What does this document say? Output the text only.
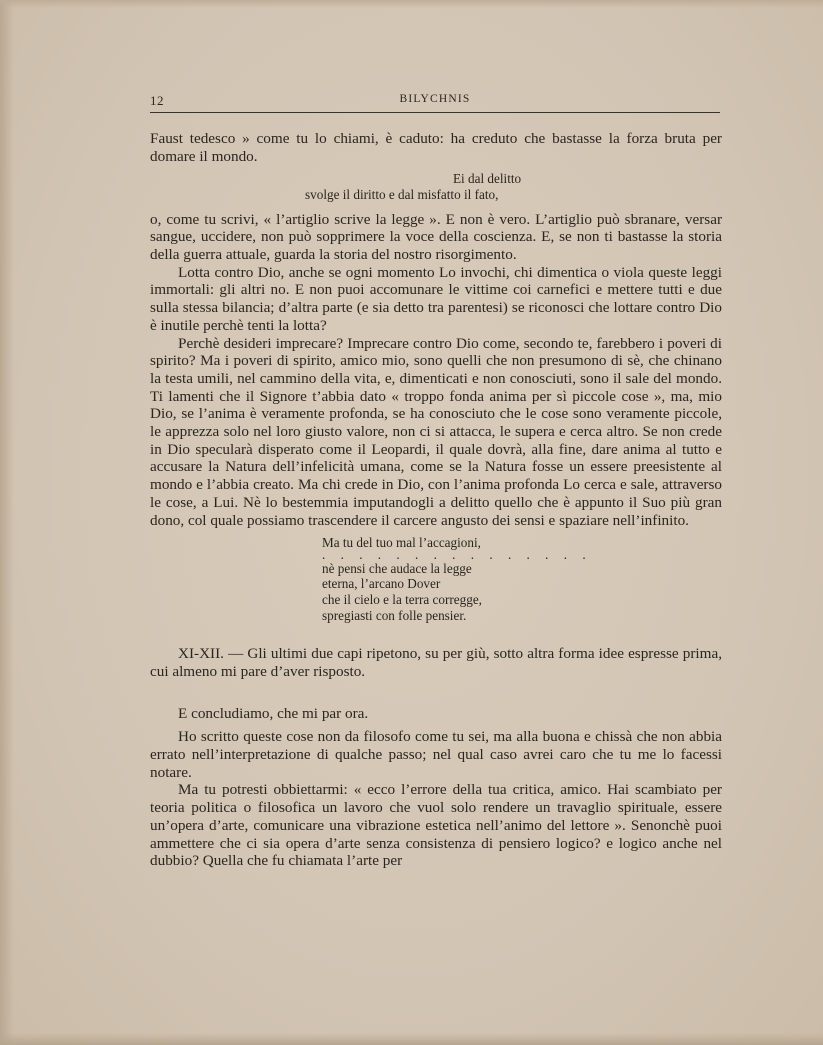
12	BILYCHNIS

Faust tedesco » come tu lo chiami, è caduto: ha creduto che bastasse la forza bruta per domare il mondo.

Ei dal delitto
svolge il diritto e dal misfatto il fato,

o, come tu scrivi, « l’artiglio scrive la legge ». E non è vero. L’artiglio può sbranare, versar sangue, uccidere, non può sopprimere la voce della coscienza. E, se non ti bastasse la storia della guerra attuale, guarda la storia del nostro risorgimento.

Lotta contro Dio, anche se ogni momento Lo invochi, chi dimentica o viola queste leggi immortali: gli altri no. E non puoi accomunare le vittime coi carnefici e mettere tutti e due sulla stessa bilancia; d’altra parte (e sia detto tra parentesi) se riconosci che lottare contro Dio è inutile perchè tenti la lotta?

Perchè desideri imprecare? Imprecare contro Dio come, secondo te, farebbero i poveri di spirito? Ma i poveri di spirito, amico mio, sono quelli che non presumono di sè, che chinano la testa umili, nel cammino della vita, e, dimenticati e non conosciuti, sono il sale del mondo. Ti lamenti che il Signore t’abbia dato « troppo fonda anima per sì piccole cose », ma, mio Dio, se l’anima è veramente profonda, se ha conosciuto che le cose sono veramente piccole, le apprezza solo nel loro giusto valore, non ci si attacca, le supera e cerca altro. Se non crede in Dio specularà disperato come il Leopardi, il quale dovrà, alla fine, dare anima al tutto e accusare la Natura dell’infelicità umana, come se la Natura fosse un essere preesistente al mondo e l’abbia creato. Ma chi crede in Dio, con l’anima profonda Lo cerca e sale, attraverso le cose, a Lui. Nè lo bestemmia imputandogli a delitto quello che è appunto il Suo più gran dono, col quale possiamo trascendere il carcere angusto dei sensi e spaziare nell’infinito.

Ma tu del tuo mal l’accagioni,
. . . . . . . . . . . . . . .
nè pensi che audace la legge
eterna, l’arcano Dover
che il cielo e la terra corregge,
spregiasti con folle pensier.

XI-XII. — Gli ultimi due capi ripetono, su per giù, sotto altra forma idee espresse prima, cui almeno mi pare d’aver risposto.

E concludiamo, che mi par ora.

Ho scritto queste cose non da filosofo come tu sei, ma alla buona e chissà che non abbia errato nell’interpretazione di qualche passo; nel qual caso avrei caro che tu me lo facessi notare.

Ma tu potresti obbiettarmi: « ecco l’errore della tua critica, amico. Hai scambiato per teoria politica o filosofica un lavoro che vuol solo rendere un travaglio spirituale, essere un’opera d’arte, comunicare una vibrazione estetica nell’animo del lettore ». Senonchè puoi ammettere che ci sia opera d’arte senza consistenza di pensiero logico? e logico anche nel dubbio? Quella che fu chiamata l’arte per
